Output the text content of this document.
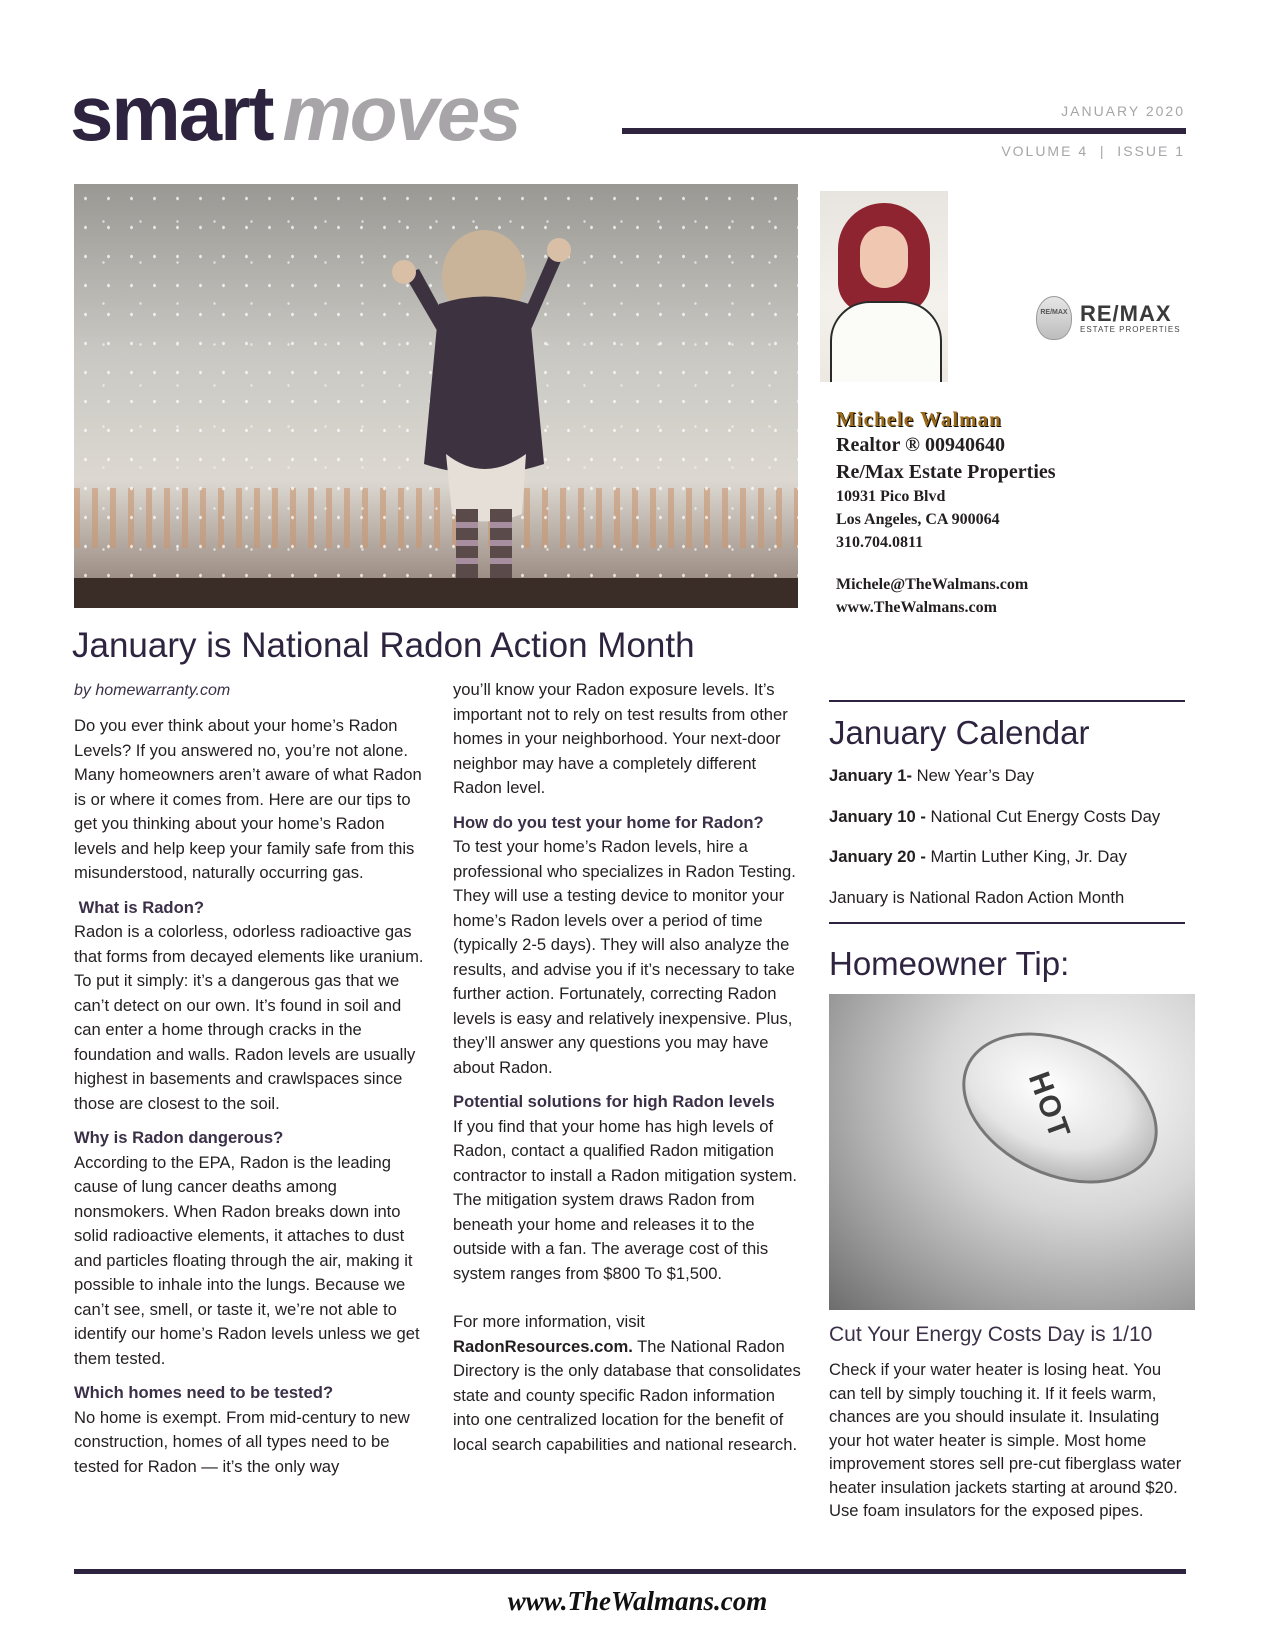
smart moves	JANUARY 2020
VOLUME 4  |  ISSUE 1
RE/MAX RE/MAX
ESTATE PROPERTIES
Michele Walman
Realtor ® 00940640
Re/Max Estate Properties
10931 Pico Blvd
Los Angeles, CA 900064
310.704.0811
Michele@TheWalmans.com
www.TheWalmans.com
January is National Radon Action Month
by homewarranty.com

Do you ever think about your home’s Radon Levels? If you answered no, you’re not alone. Many homeowners aren’t aware of what Radon is or where it comes from. Here are our tips to get you thinking about your home’s Radon levels and help keep your family safe from this misunderstood, naturally occurring gas.

What is Radon?

Radon is a colorless, odorless radioactive gas that forms from decayed elements like uranium. To put it simply: it’s a dangerous gas that we can’t detect on our own. It’s found in soil and can enter a home through cracks in the foundation and walls. Radon levels are usually highest in basements and crawlspaces since those are closest to the soil.

Why is Radon dangerous?

According to the EPA, Radon is the leading cause of lung cancer deaths among nonsmokers. When Radon breaks down into solid radioactive elements, it attaches to dust and particles floating through the air, making it possible to inhale into the lungs. Because we can’t see, smell, or taste it, we’re not able to identify our home’s Radon levels unless we get them tested.

Which homes need to be tested?

No home is exempt. From mid-century to new construction, homes of all types need to be tested for Radon — it’s the only way

you’ll know your Radon exposure levels. It’s important not to rely on test results from other homes in your neighborhood. Your next-door neighbor may have a completely different Radon level.

How do you test your home for Radon?

To test your home’s Radon levels, hire a professional who specializes in Radon Testing. They will use a testing device to monitor your home’s Radon levels over a period of time (typically 2-5 days). They will also analyze the results, and advise you if it’s necessary to take further action. Fortunately, correcting Radon levels is easy and relatively inexpensive. Plus, they’ll answer any questions you may have about Radon.

Potential solutions for high Radon levels

If you find that your home has high levels of Radon, contact a qualified Radon mitigation contractor to install a Radon mitigation system. The mitigation system draws Radon from beneath your home and releases it to the outside with a fan. The average cost of this system ranges from $800 To $1,500.

For more information, visit
RadonResources.com. The National Radon Directory is the only database that consolidates state and county specific Radon information into one centralized location for the benefit of local search capabilities and national research.

January Calendar
January 1- New Year’s Day
January 10 - National Cut Energy Costs Day
January 20 - Martin Luther King, Jr. Day
January is National Radon Action Month
Homeowner Tip:
HOT
Cut Your Energy Costs Day is 1/10
Check if your water heater is losing heat. You can tell by simply touching it. If it feels warm, chances are you should insulate it. Insulating your hot water heater is simple. Most home improvement stores sell pre-cut fiberglass water heater insulation jackets starting at around $20. Use foam insulators for the exposed pipes.
www.TheWalmans.com
